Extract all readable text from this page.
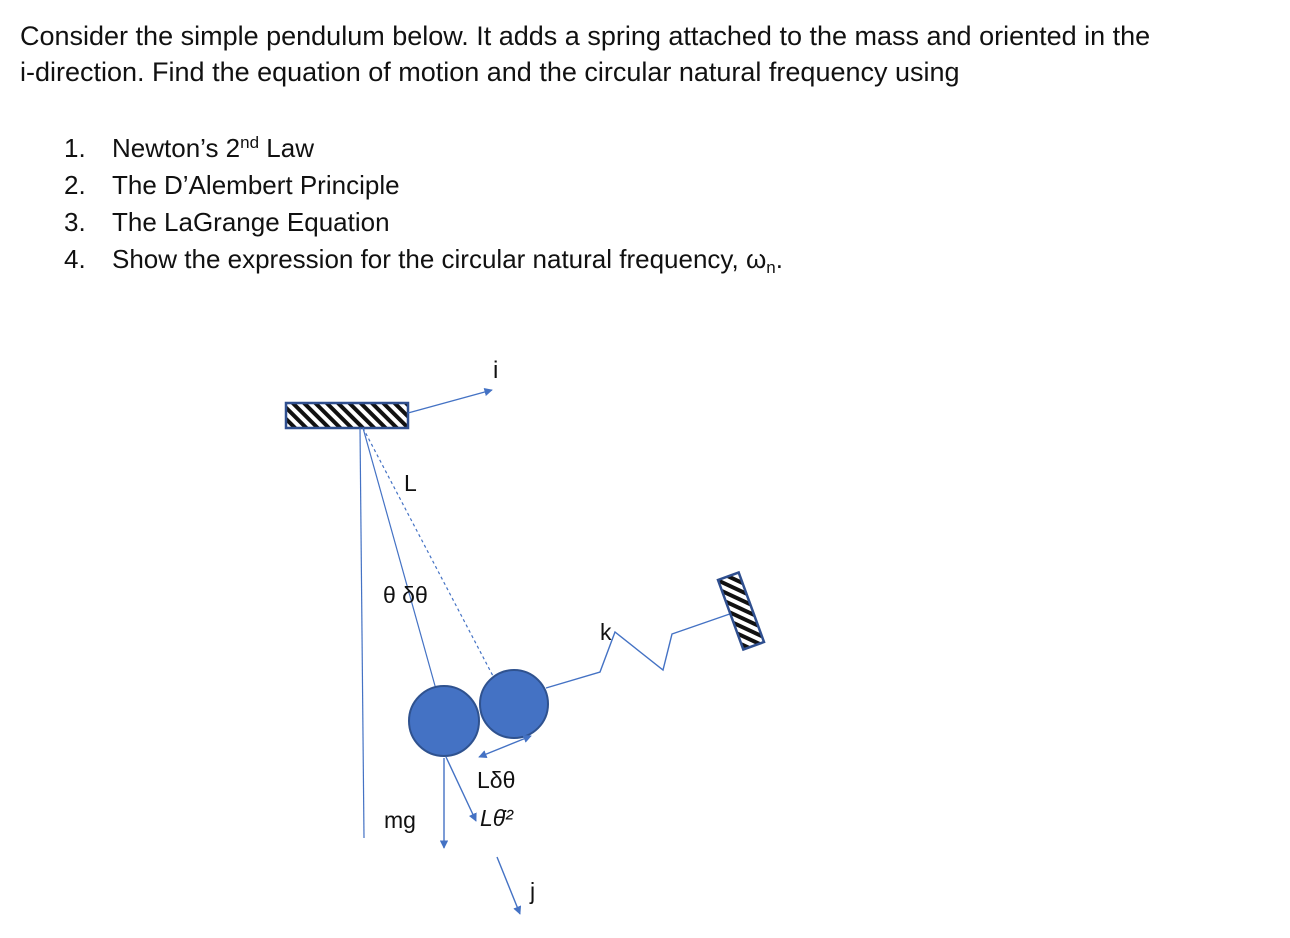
Consider the simple pendulum below. It adds a spring attached to the mass and oriented in the

i-direction. Find the equation of motion and the circular natural frequency using

1.	Newton’s 2nd Law
2.	The D’Alembert Principle
3.	The LaGrange Equation
4.	Show the expression for the circular natural frequency, $\omega_n$.
i
L
θ δθ
k
Lδθ
Lθ̇²
mg
j
